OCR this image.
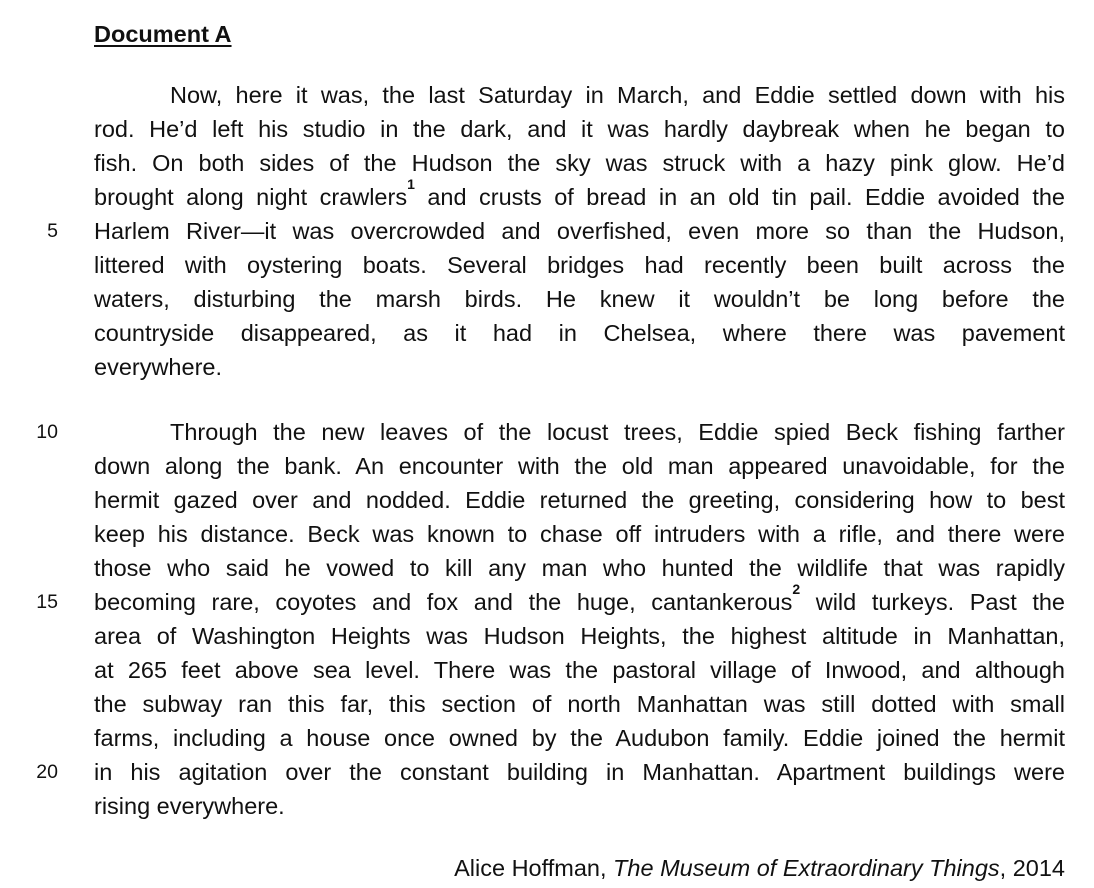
Document A
Now, here it was, the last Saturday in March, and Eddie settled down with his
rod. He’d left his studio in the dark, and it was hardly daybreak when he began to
fish. On both sides of the Hudson the sky was struck with a hazy pink glow. He’d
brought along night crawlers$^1$ and crusts of bread in an old tin pail. Eddie avoided the
Harlem River—it was overcrowded and overfished, even more so than the Hudson,
littered with oystering boats. Several bridges had recently been built across the
waters, disturbing the marsh birds. He knew it wouldn’t be long before the
countryside disappeared, as it had in Chelsea, where there was pavement
everywhere.
Through the new leaves of the locust trees, Eddie spied Beck fishing farther
down along the bank. An encounter with the old man appeared unavoidable, for the
hermit gazed over and nodded. Eddie returned the greeting, considering how to best
keep his distance. Beck was known to chase off intruders with a rifle, and there were
those who said he vowed to kill any man who hunted the wildlife that was rapidly
becoming rare, coyotes and fox and the huge, cantankerous$^2$ wild turkeys. Past the
area of Washington Heights was Hudson Heights, the highest altitude in Manhattan,
at 265 feet above sea level. There was the pastoral village of Inwood, and although
the subway ran this far, this section of north Manhattan was still dotted with small
farms, including a house once owned by the Audubon family. Eddie joined the hermit
in his agitation over the constant building in Manhattan. Apartment buildings were
rising everywhere.
5
10
15
20
Alice Hoffman, The Museum of Extraordinary Things, 2014
